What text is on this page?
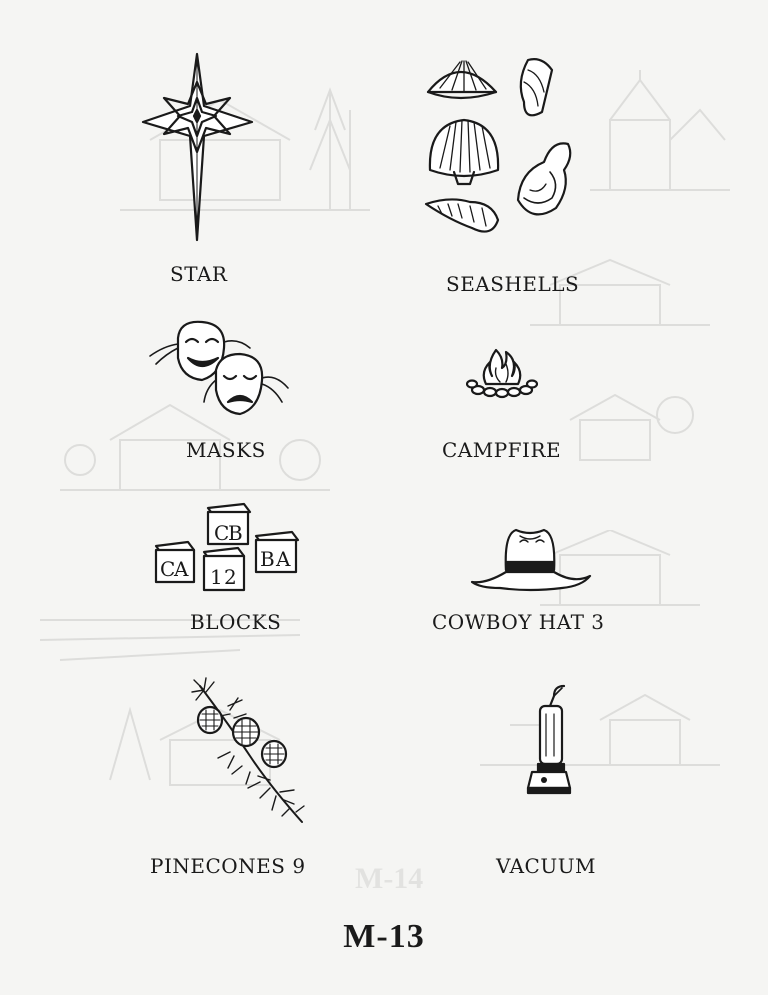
M-14
STAR	SEASHELLS
MASKS	CAMPFIRE
C
B
C
A 1 2
B A
BLOCKS	COWBOY HAT 3
PINECONES 9	VACUUM
M-13
